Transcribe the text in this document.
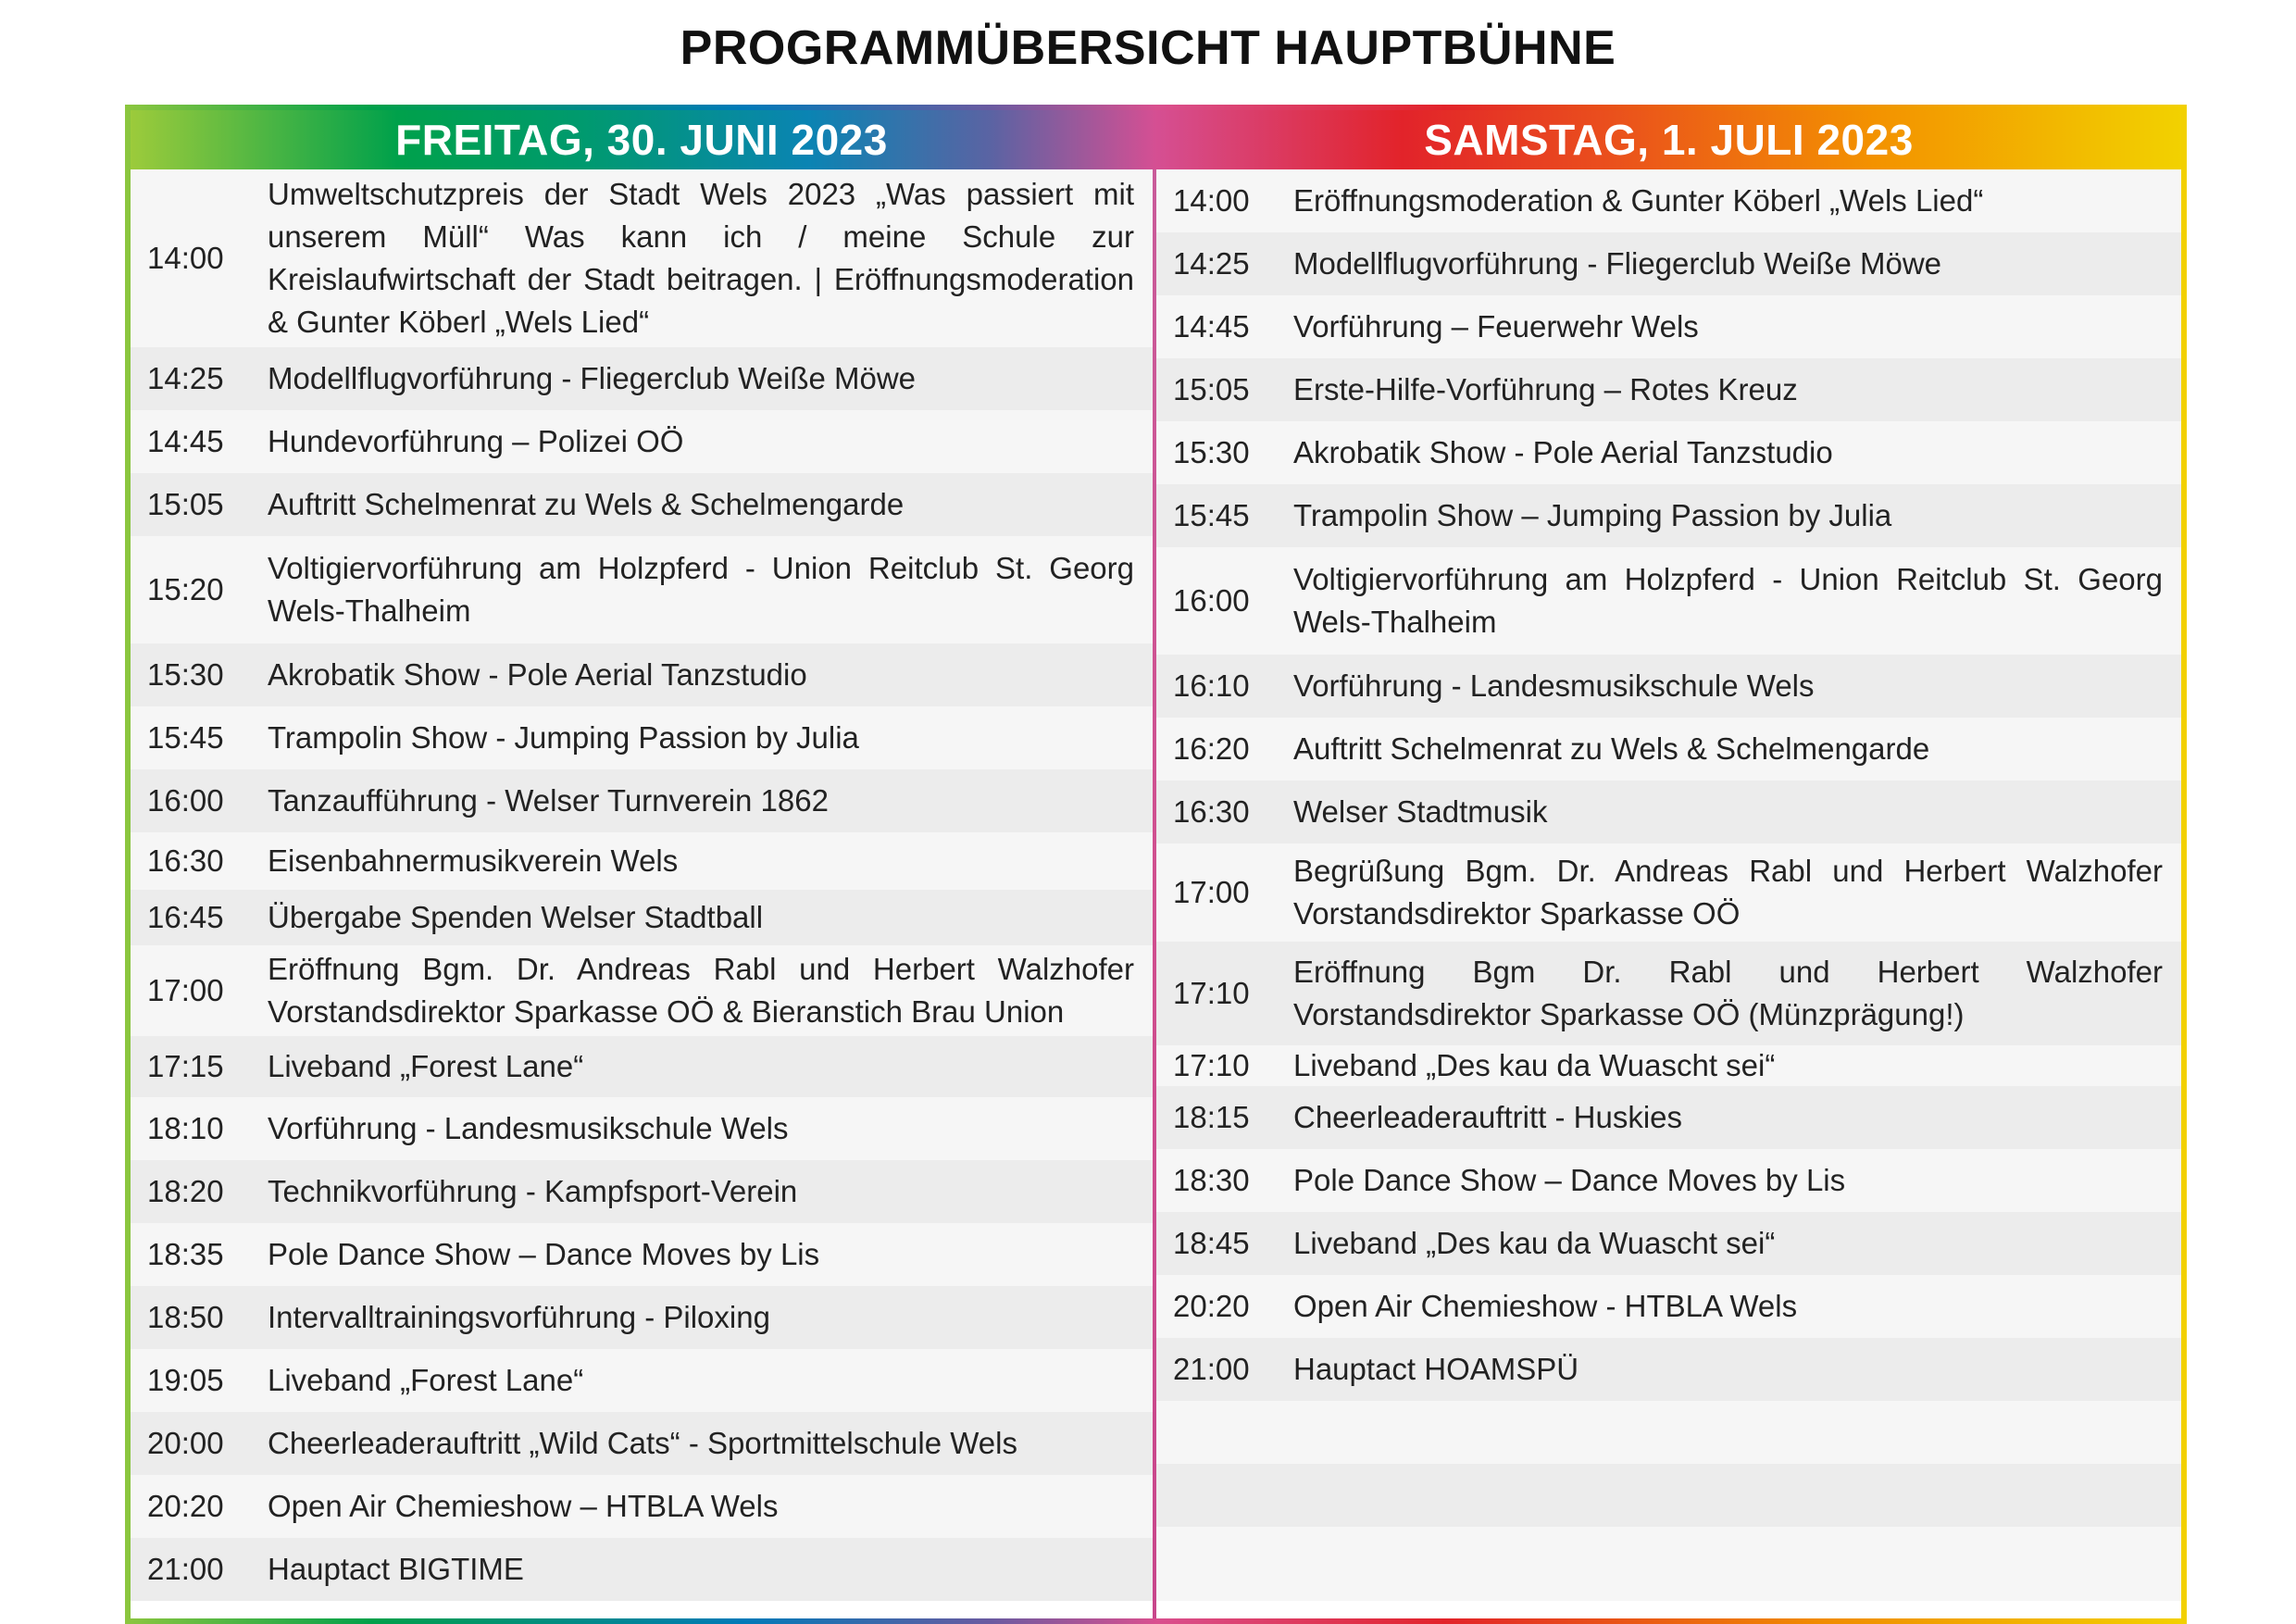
PROGRAMMÜBERSICHT HAUPTBÜHNE
FREITAG, 30. JUNI 2023	SAMSTAG, 1. JULI 2023
14:00
Umweltschutzpreis der Stadt Wels 2023 „Was passiert mit unserem Müll“ Was kann ich / meine Schule zur Kreislaufwirtschaft der Stadt beitragen. | Eröffnungsmoderation & Gunter Köberl „Wels Lied“
14:25 Modellflugvorführung - Fliegerclub Weiße Möwe
14:45 Hundevorführung – Polizei OÖ
15:05 Auftritt Schelmenrat zu Wels & Schelmengarde
15:20
Voltigiervorführung am Holzpferd - Union Reitclub St. Georg Wels-Thalheim
15:30 Akrobatik Show - Pole Aerial Tanzstudio
15:45 Trampolin Show - Jumping Passion by Julia
16:00 Tanzaufführung - Welser Turnverein 1862
16:30 Eisenbahnermusikverein Wels
16:45 Übergabe Spenden Welser Stadtball
17:00
Eröffnung Bgm. Dr. Andreas Rabl und Herbert Walzhofer Vorstandsdirektor Sparkasse OÖ & Bieranstich Brau Union
17:15 Liveband „Forest Lane“
18:10 Vorführung - Landesmusikschule Wels
18:20 Technikvorführung - Kampfsport-Verein
18:35 Pole Dance Show – Dance Moves by Lis
18:50 Intervalltrainingsvorführung - Piloxing
19:05 Liveband „Forest Lane“
20:00 Cheerleaderauftritt „Wild Cats“ - Sportmittelschule Wels
20:20 Open Air Chemieshow – HTBLA Wels
21:00 Hauptact BIGTIME
14:00 Eröffnungsmoderation & Gunter Köberl „Wels Lied“
14:25 Modellflugvorführung - Fliegerclub Weiße Möwe
14:45 Vorführung – Feuerwehr Wels
15:05 Erste-Hilfe-Vorführung – Rotes Kreuz
15:30 Akrobatik Show - Pole Aerial Tanzstudio
15:45 Trampolin Show – Jumping Passion by Julia
16:00
Voltigiervorführung am Holzpferd - Union Reitclub St. Georg Wels-Thalheim
16:10 Vorführung - Landesmusikschule Wels
16:20 Auftritt Schelmenrat zu Wels & Schelmengarde
16:30 Welser Stadtmusik
17:00
Begrüßung Bgm. Dr. Andreas Rabl und Herbert Walzhofer Vorstandsdirektor Sparkasse OÖ
17:10
Eröffnung Bgm Dr. Rabl und Herbert Walzhofer Vorstandsdirektor Sparkasse OÖ (Münzprägung!)
17:10 Liveband „Des kau da Wuascht sei“
18:15 Cheerleaderauftritt - Huskies
18:30 Pole Dance Show – Dance Moves by Lis
18:45 Liveband „Des kau da Wuascht sei“
20:20 Open Air Chemieshow - HTBLA Wels
21:00 Hauptact HOAMSPÜ
